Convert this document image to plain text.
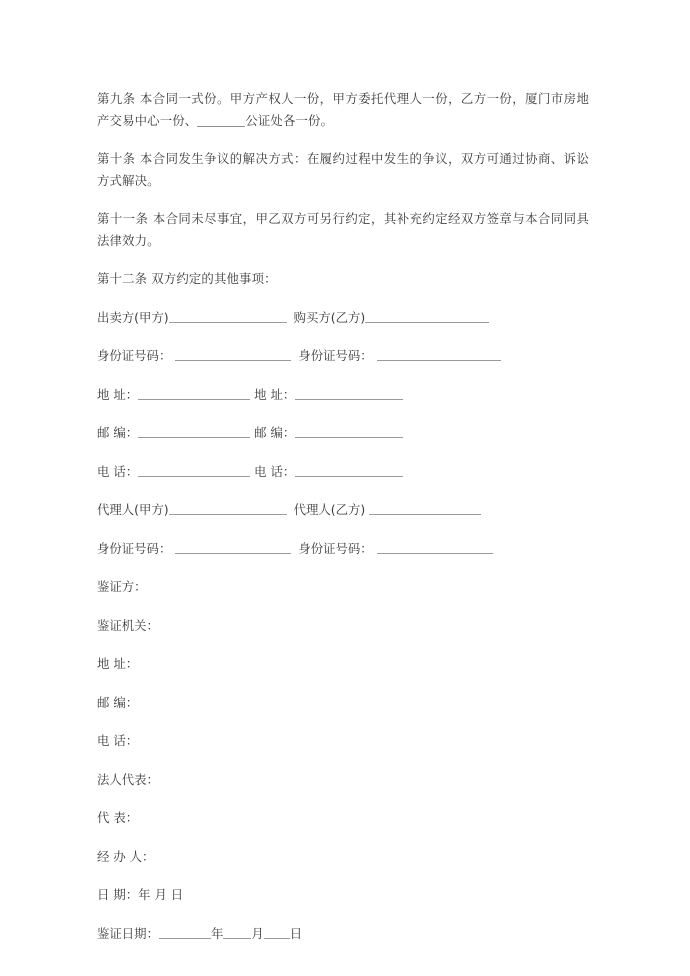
第九条 本合同一式份。甲方产权人一份，甲方委托代理人一份，乙方一份，厦门市房地产交易中心一份、	公证处各一份。

第十条 本合同发生争议的解决方式：在履约过程中发生的争议，双方可通过协商、诉讼方式解决。

第十一条 本合同未尽事宜，甲乙双方可另行约定，其补充约定经双方签章与本合同同具法律效力。

第十二条 双方约定的其他事项：

出卖方(甲方)	购买方(乙方)
身份证号码：	身份证号码：
地 址：	地 址：
邮 编：	邮 编：
电 话：	电 话：
代理人(甲方)	代理人(乙方)
身份证号码：	身份证号码：
鉴证方：
鉴证机关：
地 址：
邮 编：
电 话：
法人代表：
代 表：
经 办 人：
日 期：年 月 日
鉴证日期：	年 月 日
